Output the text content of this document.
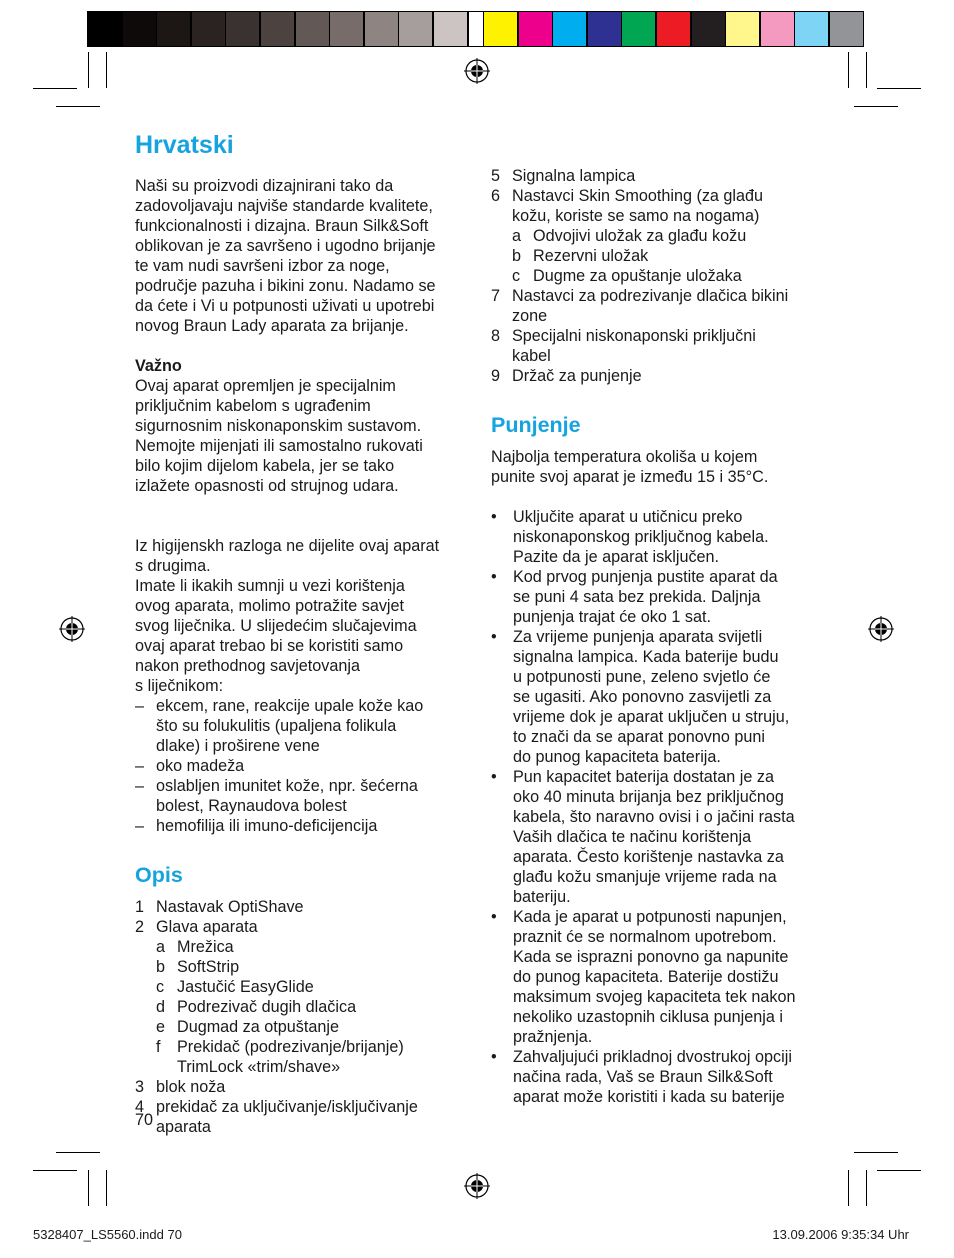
Hrvatski

Naši su proizvodi dizajnirani tako da

zadovoljavaju najviše standarde kvalitete,

funkcionalnosti i dizajna. Braun Silk&Soft

oblikovan je za savršeno i ugodno brijanje

te vam nudi savršeni izbor za noge,

područje pazuha i bikini zonu. Nadamo se

da ćete i Vi u potpunosti uživati u upotrebi

novog Braun Lady aparata za brijanje.

Važno

Ovaj aparat opremljen je specijalnim

priključnim kabelom s ugrađenim

sigurnosnim niskonaponskim sustavom.

Nemojte mijenjati ili samostalno rukovati

bilo kojim dijelom kabela, jer se tako

izlažete opasnosti od strujnog udara.

Iz higijenskh razloga ne dijelite ovaj aparat

s drugima.

Imate li ikakih sumnji u vezi korištenja

ovog aparata, molimo potražite savjet

svog liječnika. U slijedećim slučajevima

ovaj aparat trebao bi se koristiti samo

nakon prethodnog savjetovanja

s liječnikom:

– ekcem, rane, reakcije upale kože kao

što su folukulitis (upaljena folikula

dlake) i proširene vene

– oko madeža

– oslabljen imunitet kože, npr. šećerna

bolest, Raynaudova bolest

– hemofilija ili imuno-deficijencija

Opis
1 Nastavak OptiShave

2 Glava aparata

a Mrežica

b SoftStrip

c Jastučić EasyGlide

d Podrezivač dugih dlačica

e Dugmad za otpuštanje

f Prekidač (podrezivanje/brijanje)

TrimLock «trim/shave»

3 blok noža

4 prekidač za uključivanje/isključivanje

aparata

70
5 Signalna lampica

6 Nastavci Skin Smoothing (za glađu

kožu, koriste se samo na nogama)

a Odvojivi uložak za glađu kožu

b Rezervni uložak

c Dugme za opuštanje uložaka

7 Nastavci za podrezivanje dlačica bikini

zone

8 Specijalni niskonaponski priključni

kabel

9 Držač za punjenje

Punjenje

Najbolja temperatura okoliša u kojem

punite svoj aparat je između 15 i 35°C.

• Uključite aparat u utičnicu preko

niskonaponskog priključnog kabela.

Pazite da je aparat isključen.

• Kod prvog punjenja pustite aparat da

se puni 4 sata bez prekida. Daljnja

punjenja trajat će oko 1 sat.

• Za vrijeme punjenja aparata svijetli

signalna lampica. Kada baterije budu

u potpunosti pune, zeleno svjetlo će

se ugasiti. Ako ponovno zasvijetli za

vrijeme dok je aparat uključen u struju,

to znači da se aparat ponovno puni

do punog kapaciteta baterija.

• Pun kapacitet baterija dostatan je za

oko 40 minuta brijanja bez priključnog

kabela, što naravno ovisi i o jačini rasta

Vaših dlačica te načinu korištenja

aparata. Često korištenje nastavka za

glađu kožu smanjuje vrijeme rada na

bateriju.

• Kada je aparat u potpunosti napunjen,

praznit će se normalnom upotrebom.

Kada se isprazni ponovno ga napunite

do punog kapaciteta. Baterije dostižu

maksimum svojeg kapaciteta tek nakon

nekoliko uzastopnih ciklusa punjenja i

pražnjenja.

• Zahvaljujući prikladnoj dvostrukoj opciji

načina rada, Vaš se Braun Silk&Soft

aparat može koristiti i kada su baterije

5328407_LS5560.indd 70	13.09.2006 9:35:34 Uhr
